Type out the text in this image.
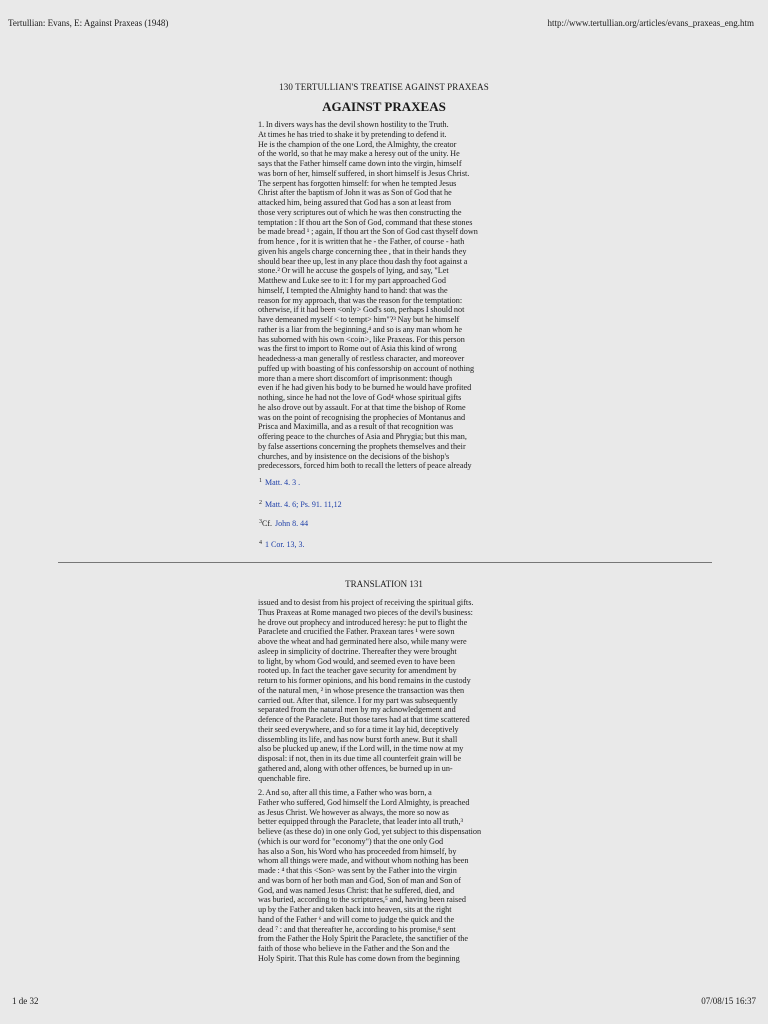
Tertullian: Evans, E: Against Praxeas (1948)	http://www.tertullian.org/articles/evans_praxeas_eng.htm
130 TERTULLIAN'S TREATISE AGAINST PRAXEAS
AGAINST PRAXEAS
1. In divers ways has the devil shown hostility to the Truth.
At times he has tried to shake it by pretending to defend it.
He is the champion of the one Lord, the Almighty, the creator
of the world, so that he may make a heresy out of the unity. He
says that the Father himself came down into the virgin, himself
was born of her, himself suffered, in short himself is Jesus Christ.
The serpent has forgotten himself: for when he tempted Jesus
Christ after the baptism of John it was as Son of God that he
attacked him, being assured that God has a son at least from
those very scriptures out of which he was then constructing the
temptation : If thou art the Son of God, command that these stones
be made bread ¹ ; again, If thou art the Son of God cast thyself down
from hence , for it is written that he - the Father, of course - hath
given his angels charge concerning thee , that in their hands they
should bear thee up, lest in any place thou dash thy foot against a
stone.² Or will he accuse the gospels of lying, and say, "Let
Matthew and Luke see to it: I for my part approached God
himself, I tempted the Almighty hand to hand: that was the
reason for my approach, that was the reason for the temptation:
otherwise, if it had been <only> God's son, perhaps I should not
have demeaned myself < to tempt> him"?³ Nay but he himself
rather is a liar from the beginning,⁴ and so is any man whom he
has suborned with his own <coin>, like Praxeas. For this person
was the first to import to Rome out of Asia this kind of wrong
headedness-a man generally of restless character, and moreover
puffed up with boasting of his confessorship on account of nothing
more than a mere short discomfort of imprisonment: though
even if he had given his body to be burned he would have profited
nothing, since he had not the love of God⁴ whose spiritual gifts
he also drove out by assault. For at that time the bishop of Rome
was on the point of recognising the prophecies of Montanus and
Prisca and Maximilla, and as a result of that recognition was
offering peace to the churches of Asia and Phrygia; but this man,
by false assertions concerning the prophets themselves and their
churches, and by insistence on the decisions of the bishop's
predecessors, forced him both to recall the letters of peace already
$^1$ Matt. 4. 3 .
$^2$ Matt. 4. 6; Ps. 91. 11,12
$^3$Cf. John 8. 44
$^4$ 1 Cor. 13, 3.
TRANSLATION 131
issued and to desist from his project of receiving the spiritual gifts.
Thus Praxeas at Rome managed two pieces of the devil's business:
he drove out prophecy and introduced heresy: he put to flight the
Paraclete and crucified the Father. Praxean tares ¹ were sown
above the wheat and had germinated here also, while many were
asleep in simplicity of doctrine. Thereafter they were brought
to light, by whom God would, and seemed even to have been
rooted up. In fact the teacher gave security for amendment by
return to his former opinions, and his bond remains in the custody
of the natural men, ² in whose presence the transaction was then
carried out. After that, silence. I for my part was subsequently
separated from the natural men by my acknowledgement and
defence of the Paraclete. But those tares had at that time scattered
their seed everywhere, and so for a time it lay hid, deceptively
dissembling its life, and has now burst forth anew. But it shall
also be plucked up anew, if the Lord will, in the time now at my
disposal: if not, then in its due time all counterfeit grain will be
gathered and, along with other offences, be burned up in un-
quenchable fire.
2. And so, after all this time, a Father who was born, a
Father who suffered, God himself the Lord Almighty, is preached
as Jesus Christ. We however as always, the more so now as
better equipped through the Paraclete, that leader into all truth,³
believe (as these do) in one only God, yet subject to this dispensation
(which is our word for "economy") that the one only God
has also a Son, his Word who has proceeded from himself, by
whom all things were made, and without whom nothing has been
made : ⁴ that this <Son> was sent by the Father into the virgin
and was born of her both man and God, Son of man and Son of
God, and was named Jesus Christ: that he suffered, died, and
was buried, according to the scriptures,⁵ and, having been raised
up by the Father and taken back into heaven, sits at the right
hand of the Father ⁶ and will come to judge the quick and the
dead ⁷ : and that thereafter he, according to his promise,⁸ sent
from the Father the Holy Spirit the Paraclete, the sanctifier of the
faith of those who believe in the Father and the Son and the
Holy Spirit. That this Rule has come down from the beginning
1 de 32	07/08/15 16:37
